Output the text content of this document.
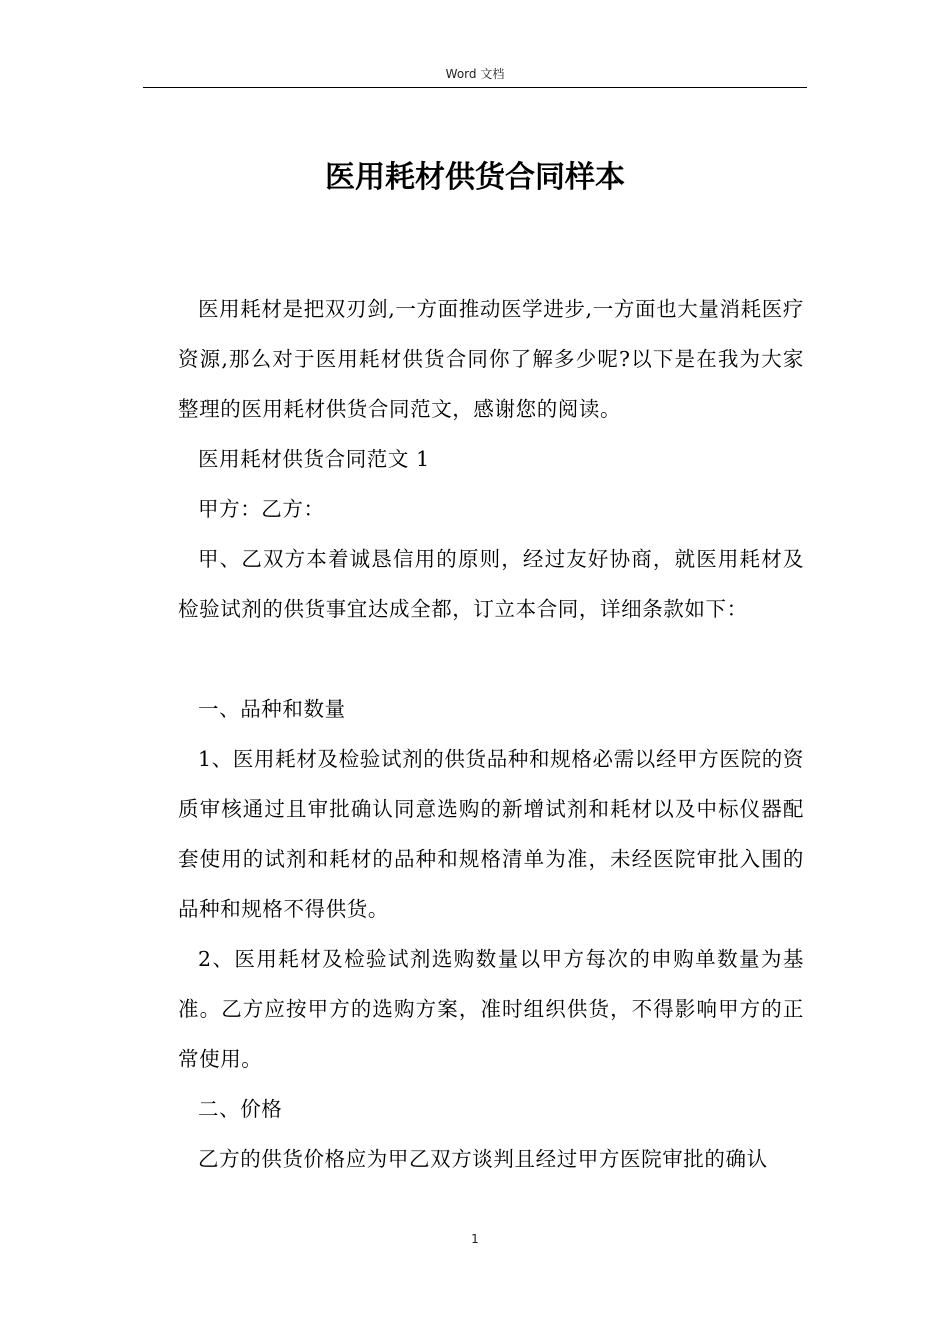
Word 文档
医用耗材供货合同样本

医用耗材是把双刃剑,一方面推动医学进步,一方面也大量消耗医疗资源,那么对于医用耗材供货合同你了解多少呢?以下是在我为大家整理的医用耗材供货合同范文，感谢您的阅读。

医用耗材供货合同范文 1

甲方：乙方：

甲、乙双方本着诚恳信用的原则，经过友好协商，就医用耗材及检验试剂的供货事宜达成全都，订立本合同，详细条款如下：

一、品种和数量

1、医用耗材及检验试剂的供货品种和规格必需以经甲方医院的资质审核通过且审批确认同意选购的新增试剂和耗材以及中标仪器配套使用的试剂和耗材的品种和规格清单为准，未经医院审批入围的品种和规格不得供货。

2、医用耗材及检验试剂选购数量以甲方每次的申购单数量为基准。乙方应按甲方的选购方案，准时组织供货，不得影响甲方的正常使用。

二、价格

乙方的供货价格应为甲乙双方谈判且经过甲方医院审批的确认

1
